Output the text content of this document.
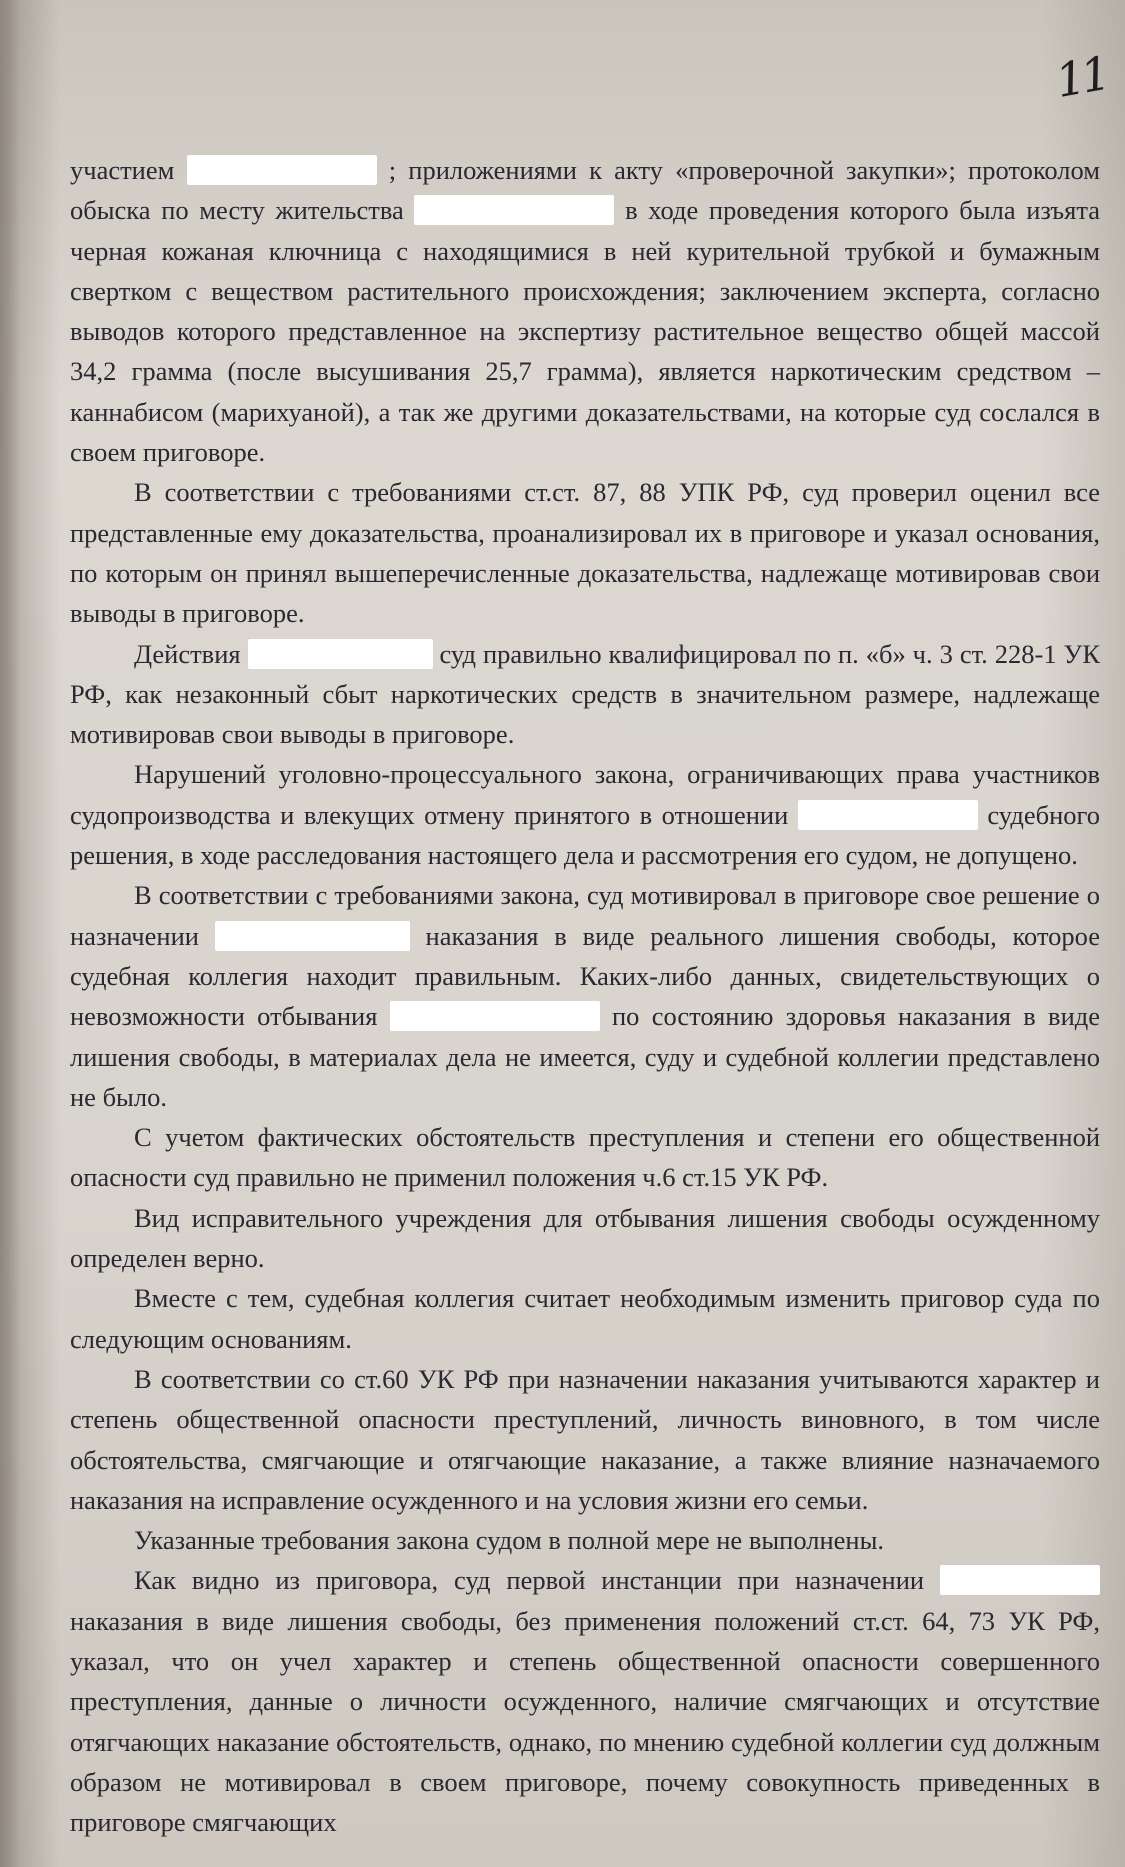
11

участием	; приложениями к акту «проверочной закупки»; протоколом обыска по месту жительства	в ходе проведения которого была изъята черная кожаная ключница с находящимися в ней курительной трубкой и бумажным свертком с веществом растительного происхождения; заключением эксперта, согласно выводов которого представленное на экспертизу растительное вещество общей массой 34,2 грамма (после высушивания 25,7 грамма), является наркотическим средством – каннабисом (марихуаной), а так же другими доказательствами, на которые суд сослался в своем приговоре.

В соответствии с требованиями ст.ст. 87, 88 УПК РФ, суд проверил оценил все представленные ему доказательства, проанализировал их в приговоре и указал основания, по которым он принял вышеперечисленные доказательства, надлежаще мотивировав свои выводы в приговоре.

Действия	суд правильно квалифицировал по п. «б» ч. 3 ст. 228-1 УК РФ, как незаконный сбыт наркотических средств в значительном размере, надлежаще мотивировав свои выводы в приговоре.

Нарушений уголовно-процессуального закона, ограничивающих права участников судопроизводства и влекущих отмену принятого в отношении	судебного решения, в ходе расследования настоящего дела и рассмотрения его судом, не допущено.

В соответствии с требованиями закона, суд мотивировал в приговоре свое решение о назначении	наказания в виде реального лишения свободы, которое судебная коллегия находит правильным. Каких-либо данных, свидетельствующих о невозможности отбывания	по состоянию здоровья наказания в виде лишения свободы, в материалах дела не имеется, суду и судебной коллегии представлено не было.

С учетом фактических обстоятельств преступления и степени его общественной опасности суд правильно не применил положения ч.6 ст.15 УК РФ.

Вид исправительного учреждения для отбывания лишения свободы осужденному определен верно.

Вместе с тем, судебная коллегия считает необходимым изменить приговор суда по следующим основаниям.

В соответствии со ст.60 УК РФ при назначении наказания учитываются характер и степень общественной опасности преступлений, личность виновного, в том числе обстоятельства, смягчающие и отягчающие наказание, а также влияние назначаемого наказания на исправление осужденного и на условия жизни его семьи.

Указанные требования закона судом в полной мере не выполнены.

Как видно из приговора, суд первой инстанции при назначении  наказания в виде лишения свободы, без применения положений ст.ст. 64, 73 УК РФ, указал, что он учел характер и степень общественной опасности совершенного преступления, данные о личности осужденного, наличие смягчающих и отсутствие отягчающих наказание обстоятельств, однако, по мнению судебной коллегии суд должным образом не мотивировал в своем приговоре, почему совокупность приведенных в приговоре смягчающих
